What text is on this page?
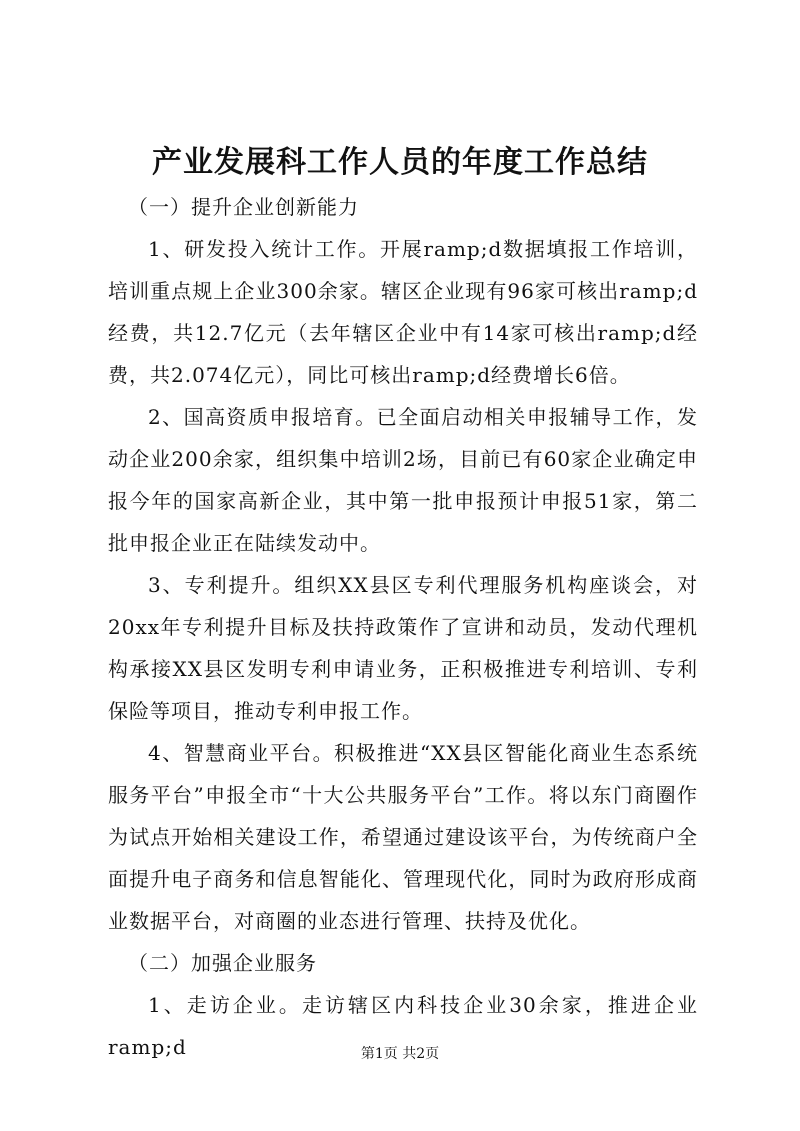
产业发展科工作人员的年度工作总结

（一）提升企业创新能力

1、研发投入统计工作。开展ramp;d数据填报工作培训，培训重点规上企业300余家。辖区企业现有96家可核出ramp;d经费，共12.7亿元（去年辖区企业中有14家可核出ramp;d经费，共2.074亿元），同比可核出ramp;d经费增长6倍。

2、国高资质申报培育。已全面启动相关申报辅导工作，发动企业200余家，组织集中培训2场，目前已有60家企业确定申报今年的国家高新企业，其中第一批申报预计申报51家，第二批申报企业正在陆续发动中。

3、专利提升。组织XX县区专利代理服务机构座谈会，对20xx年专利提升目标及扶持政策作了宣讲和动员，发动代理机构承接XX县区发明专利申请业务，正积极推进专利培训、专利保险等项目，推动专利申报工作。

4、智慧商业平台。积极推进“XX县区智能化商业生态系统服务平台”申报全市“十大公共服务平台”工作。将以东门商圈作为试点开始相关建设工作，希望通过建设该平台，为传统商户全面提升电子商务和信息智能化、管理现代化，同时为政府形成商业数据平台，对商圈的业态进行管理、扶持及优化。

（二）加强企业服务

1、走访企业。走访辖区内科技企业30余家，推进企业ramp;d	第1页 共2页
